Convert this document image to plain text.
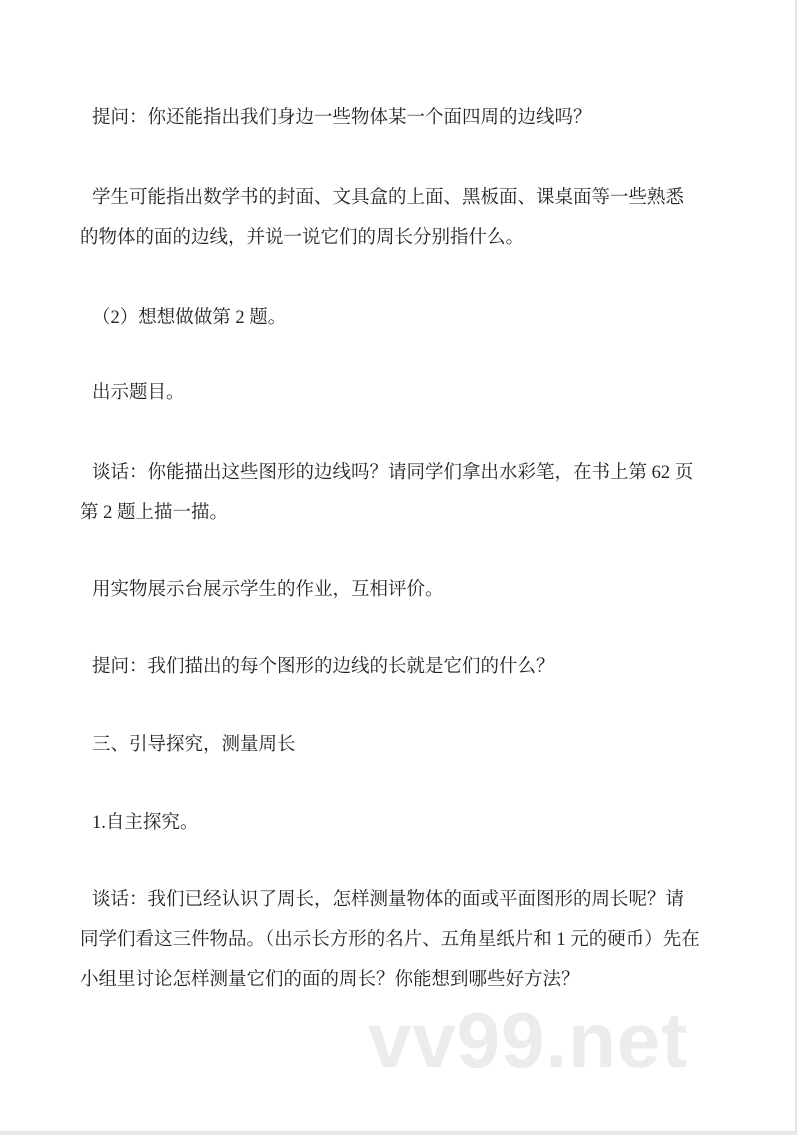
提问：你还能指出我们身边一些物体某一个面四周的边线吗？
学生可能指出数学书的封面、文具盒的上面、黑板面、课桌面等一些熟悉
的物体的面的边线，并说一说它们的周长分别指什么。
（2）想想做做第 2 题。
出示题目。
谈话：你能描出这些图形的边线吗？请同学们拿出水彩笔，在书上第 62 页
第 2 题上描一描。
用实物展示台展示学生的作业，互相评价。
提问：我们描出的每个图形的边线的长就是它们的什么？
三、引导探究，测量周长
1.自主探究。
谈话：我们已经认识了周长，怎样测量物体的面或平面图形的周长呢？请
同学们看这三件物品。（出示长方形的名片、五角星纸片和 1 元的硬币）先在
小组里讨论怎样测量它们的面的周长？你能想到哪些好方法？
vv99.net
